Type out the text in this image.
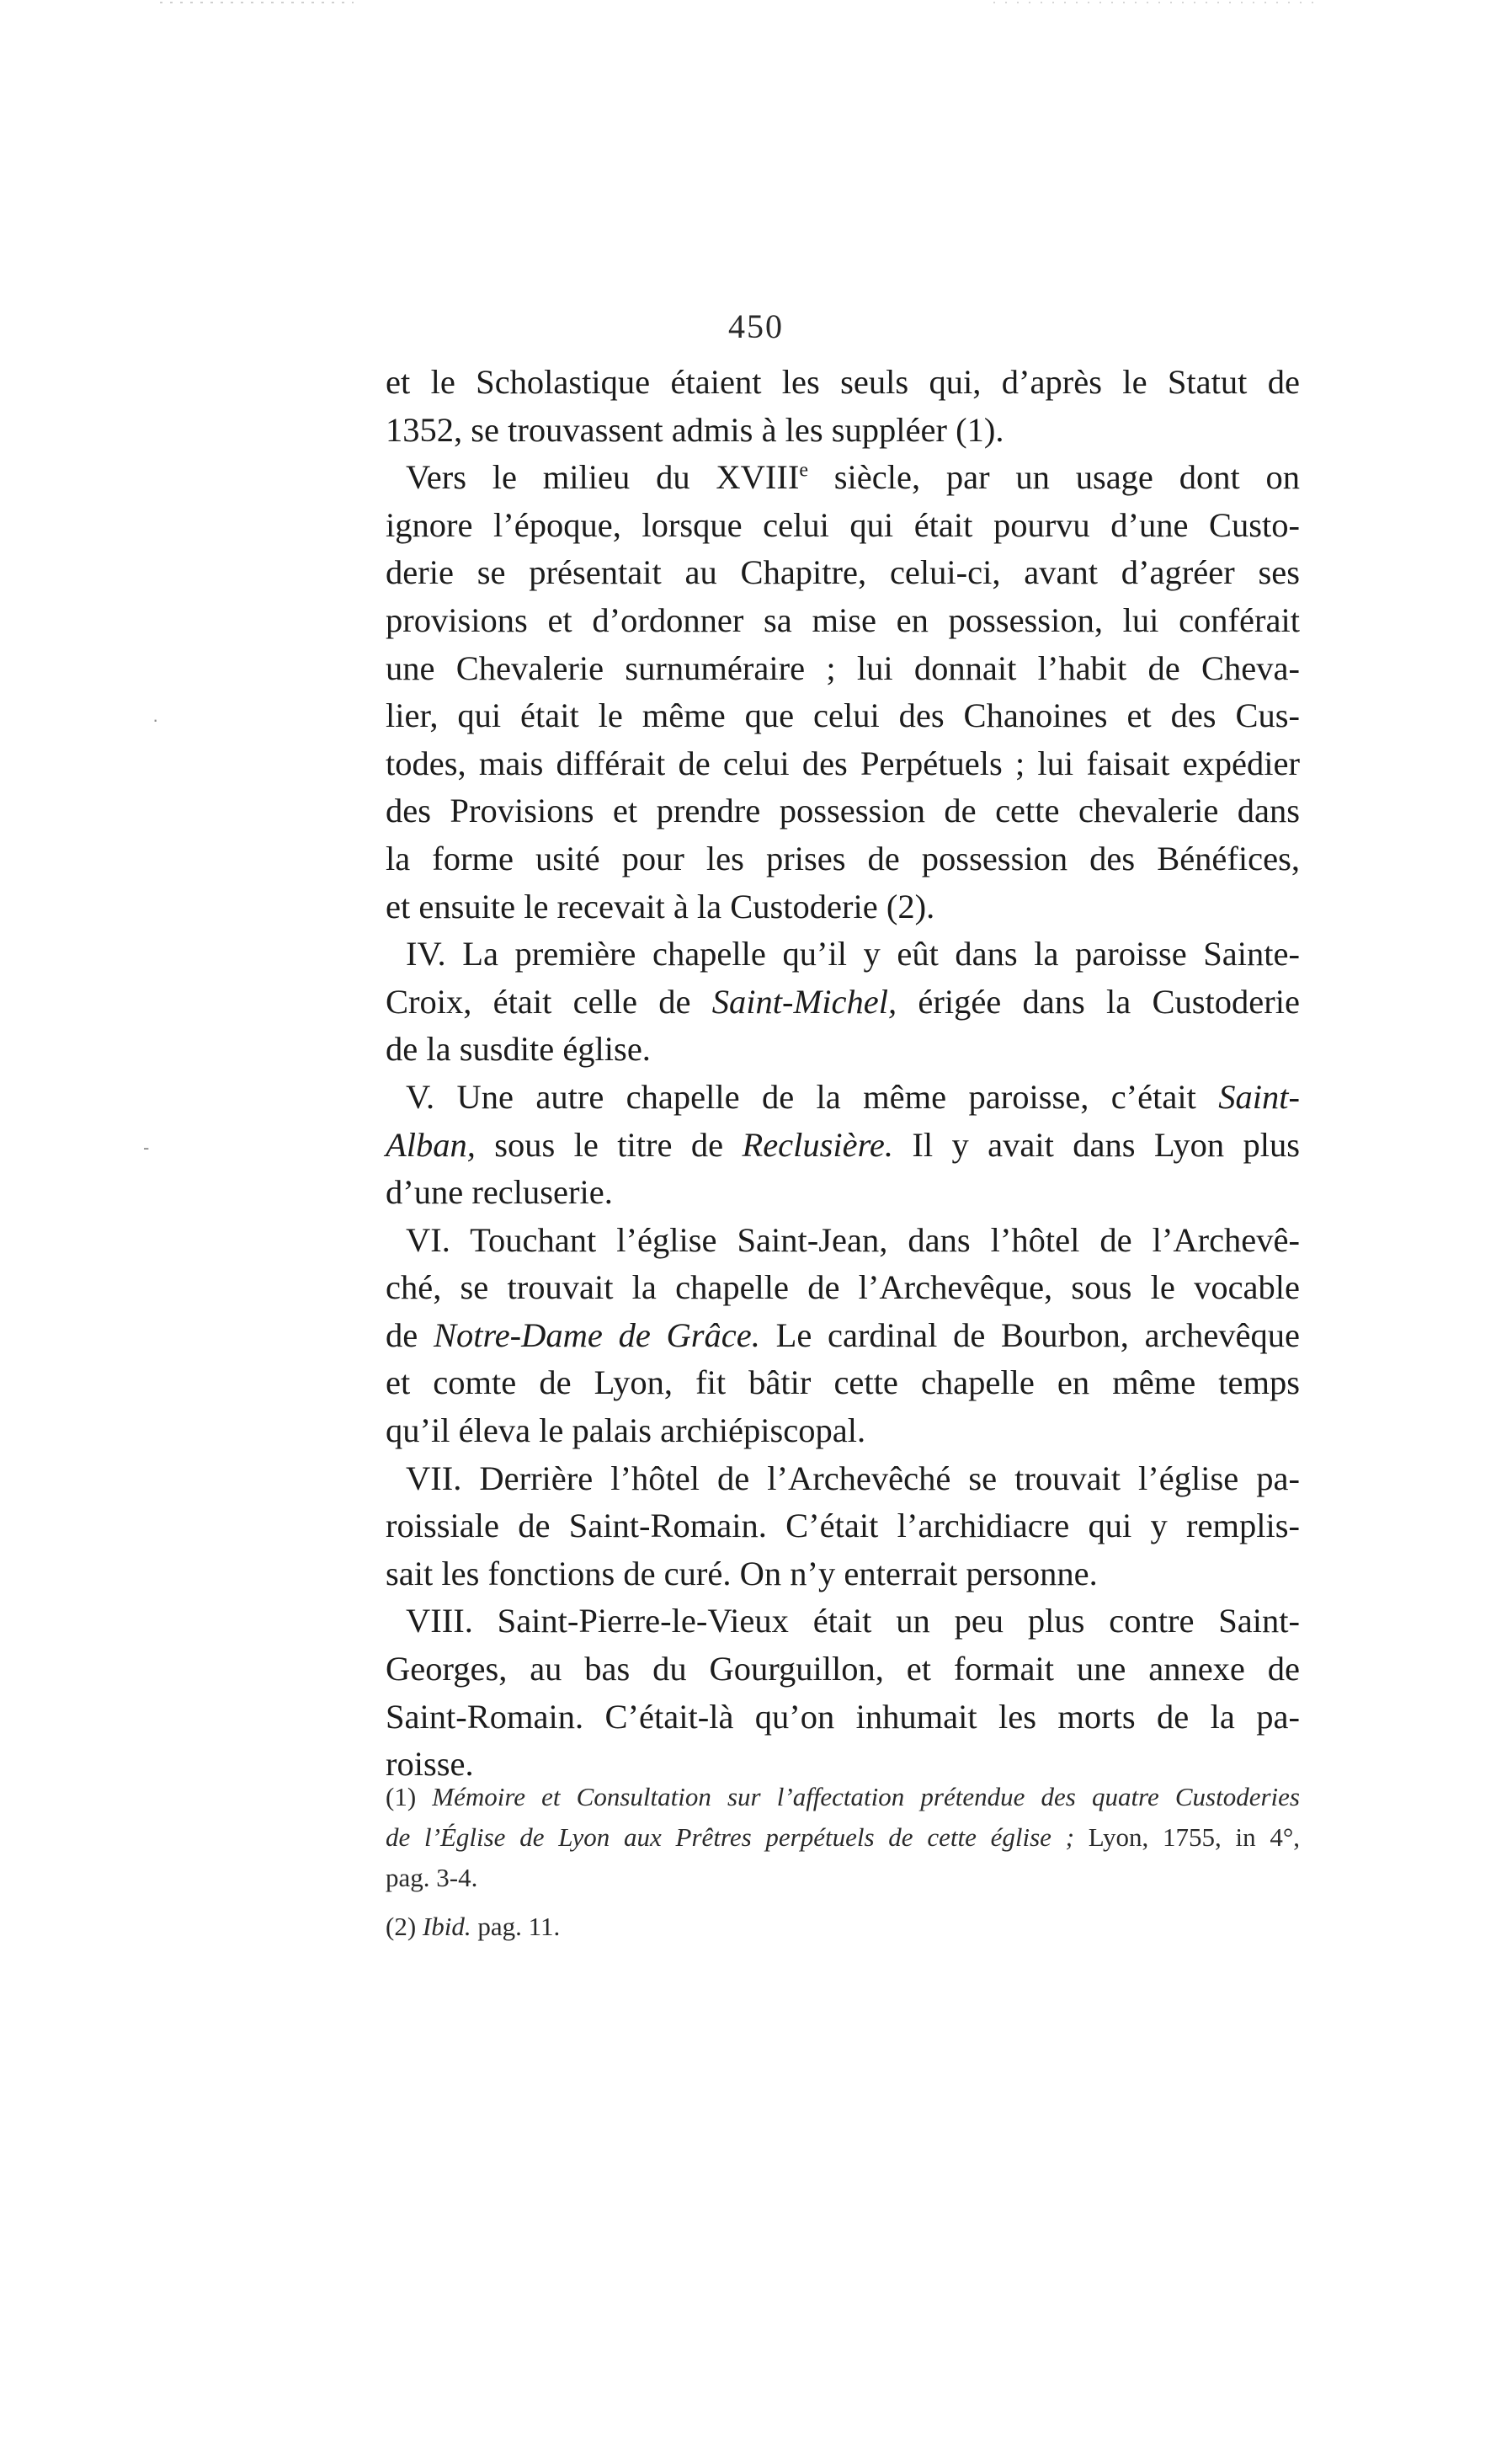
450
et le Scholastique étaient les seuls qui, d’après le Statut de
1352, se trouvassent admis à les suppléer (1).
Vers le milieu du XVIIIe siècle, par un usage dont on
ignore l’époque, lorsque celui qui était pourvu d’une Custo-
derie se présentait au Chapitre, celui-ci, avant d’agréer ses
provisions et d’ordonner sa mise en possession, lui conférait
une Chevalerie surnuméraire ; lui donnait l’habit de Cheva-
lier, qui était le même que celui des Chanoines et des Cus-
todes, mais différait de celui des Perpétuels ; lui faisait expédier
des Provisions et prendre possession de cette chevalerie dans
la forme usité pour les prises de possession des Bénéfices,
et ensuite le recevait à la Custoderie (2).
IV. La première chapelle qu’il y eût dans la paroisse Sainte-
Croix, était celle de Saint-Michel, érigée dans la Custoderie
de la susdite église.
V. Une autre chapelle de la même paroisse, c’était Saint-
Alban, sous le titre de Reclusière. Il y avait dans Lyon plus
d’une recluserie.
VI. Touchant l’église Saint-Jean, dans l’hôtel de l’Archevê-
ché, se trouvait la chapelle de l’Archevêque, sous le vocable
de Notre-Dame de Grâce. Le cardinal de Bourbon, archevêque
et comte de Lyon, fit bâtir cette chapelle en même temps
qu’il éleva le palais archiépiscopal.
VII. Derrière l’hôtel de l’Archevêché se trouvait l’église pa-
roissiale de Saint-Romain. C’était l’archidiacre qui y remplis-
sait les fonctions de curé. On n’y enterrait personne.
VIII. Saint-Pierre-le-Vieux était un peu plus contre Saint-
Georges, au bas du Gourguillon, et formait une annexe de
Saint-Romain. C’était-là qu’on inhumait les morts de la pa-
roisse.
(1) Mémoire et Consultation sur l’affectation prétendue des quatre Custoderies
de l’Église de Lyon aux Prêtres perpétuels de cette église ; Lyon, 1755, in 4°,
pag. 3-4.
(2) Ibid. pag. 11.
·
-
